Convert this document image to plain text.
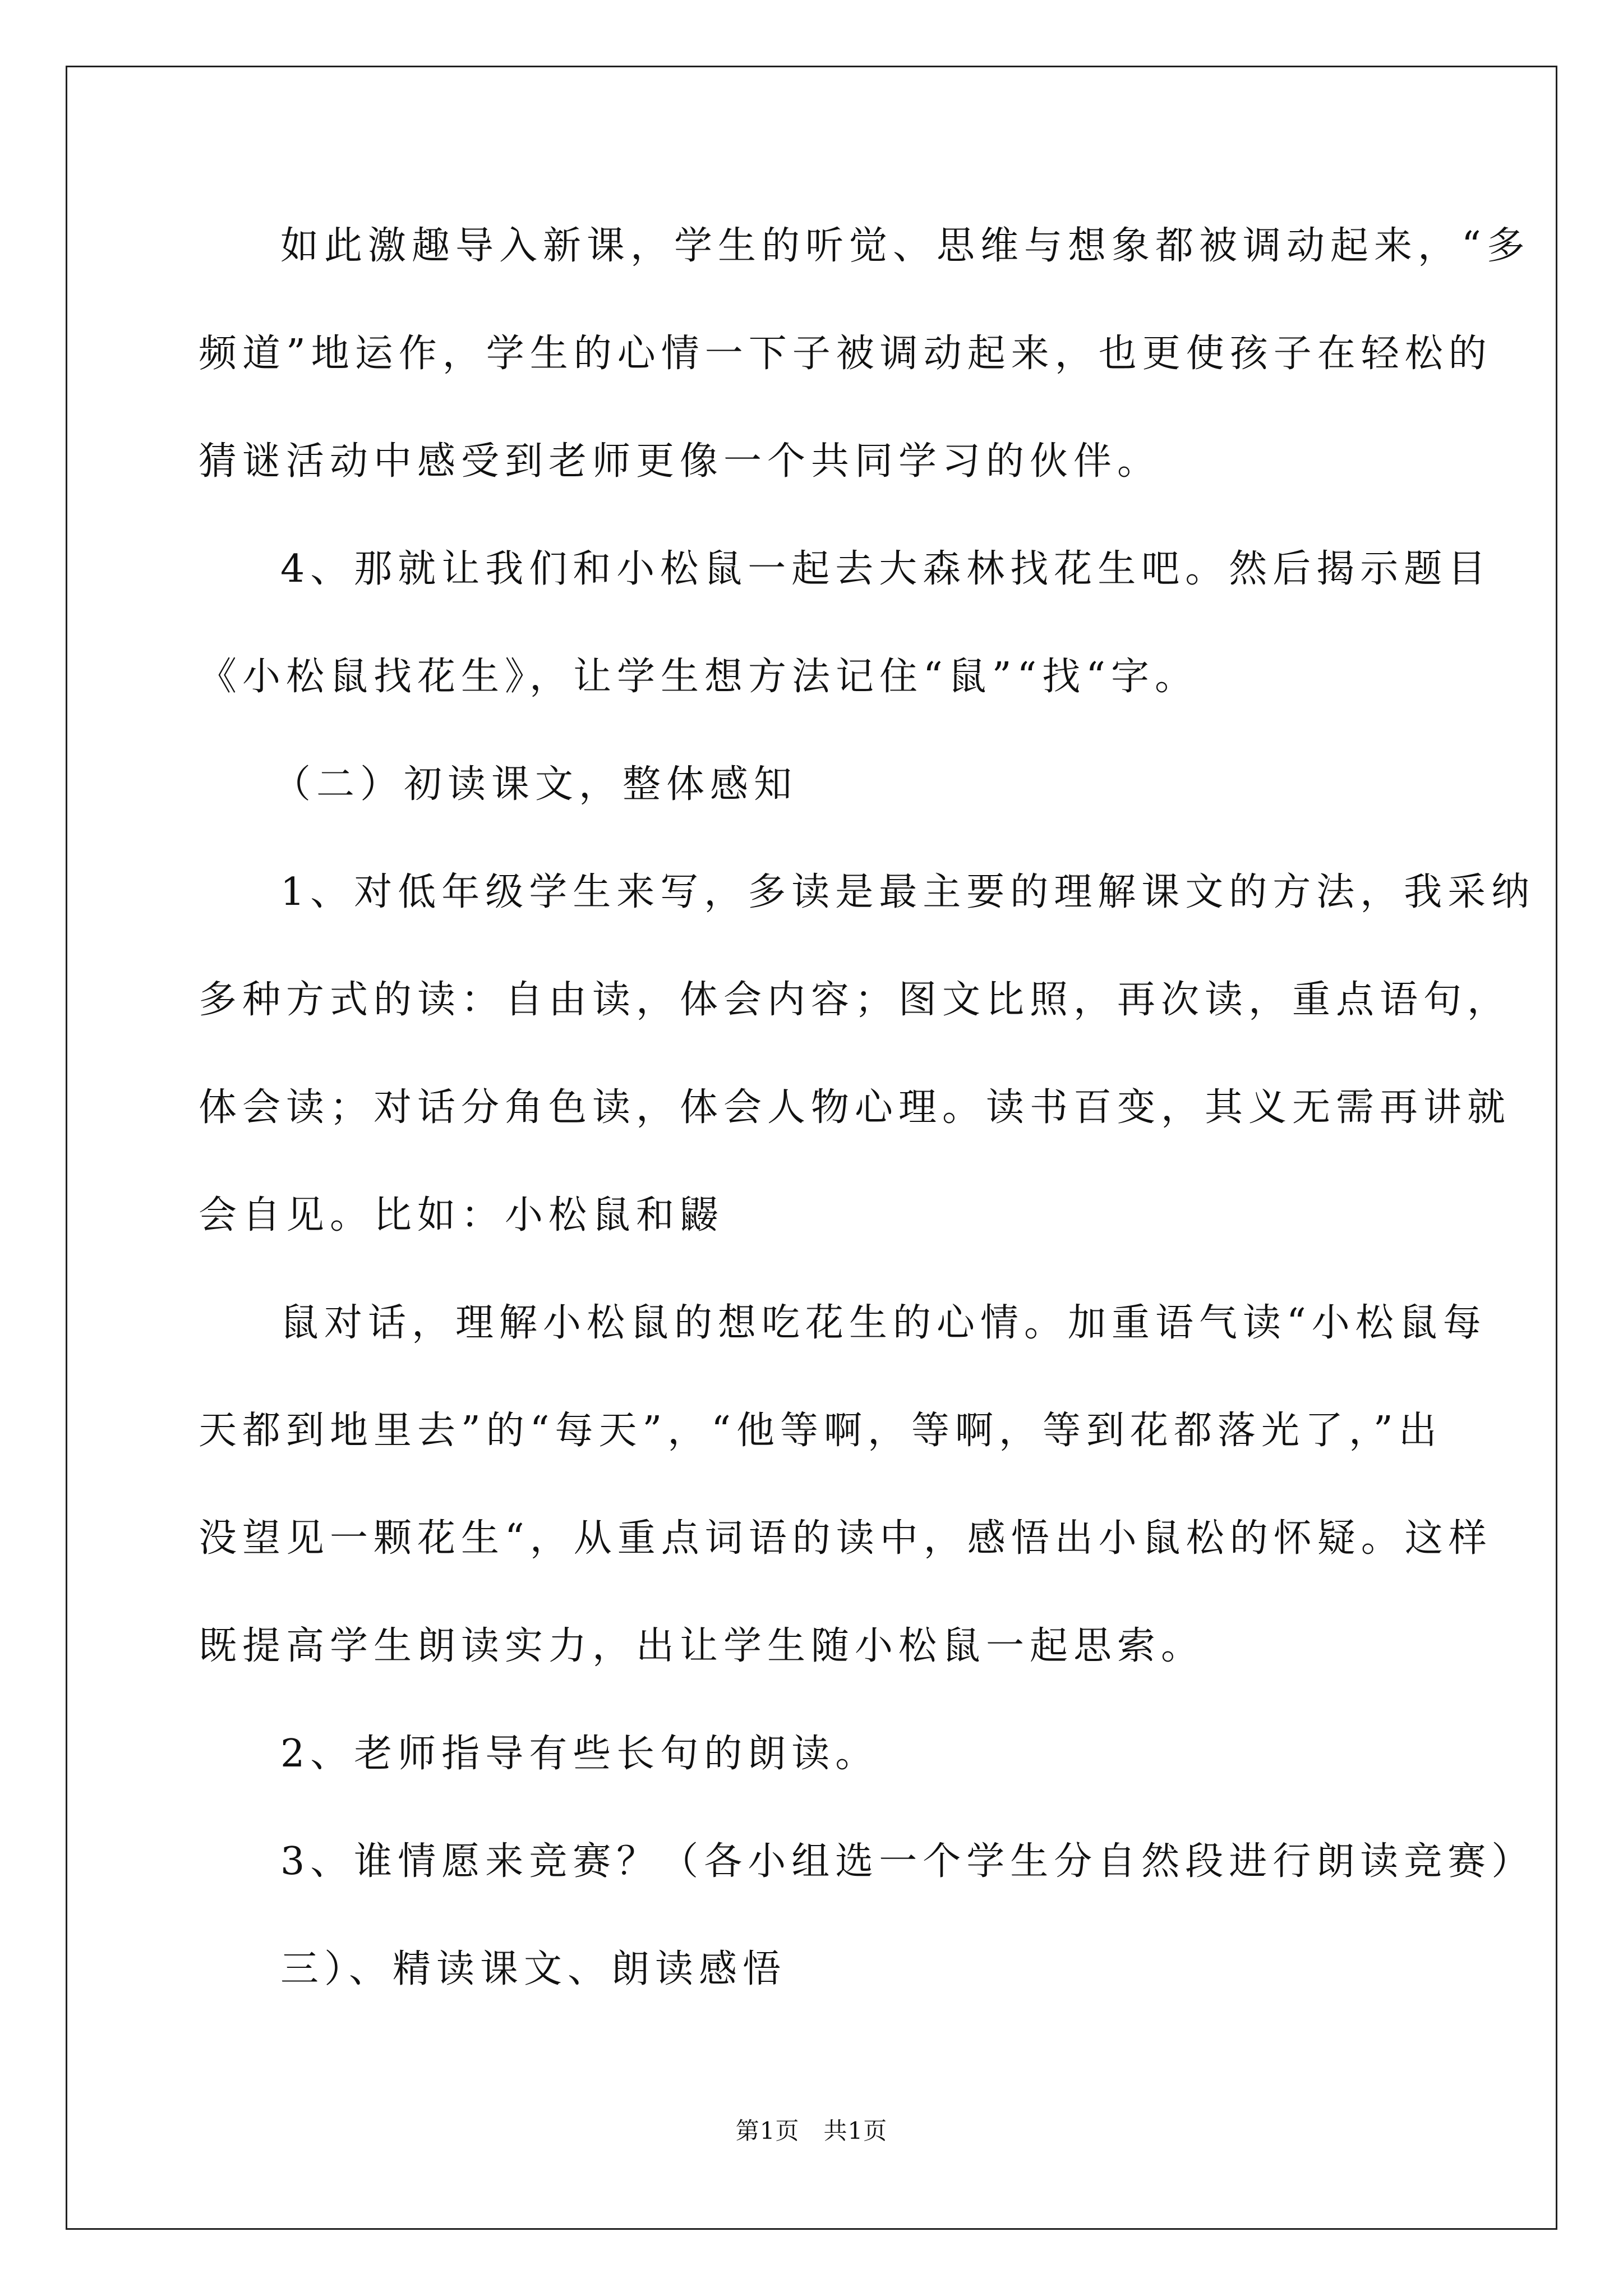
如此激趣导入新课，学生的听觉、思维与想象都被调动起来，“多
频道”地运作，学生的心情一下子被调动起来，也更使孩子在轻松的
猜谜活动中感受到老师更像一个共同学习的伙伴。
4、那就让我们和小松鼠一起去大森林找花生吧。然后揭示题目
《小松鼠找花生》，让学生想方法记住“鼠”“找“字。
（二）初读课文，整体感知
1、对低年级学生来写，多读是最主要的理解课文的方法，我采纳
多种方式的读：自由读，体会内容；图文比照，再次读，重点语句，
体会读；对话分角色读，体会人物心理。读书百变，其义无需再讲就
会自见。比如：小松鼠和鼹
鼠对话，理解小松鼠的想吃花生的心情。加重语气读“小松鼠每
天都到地里去”的“每天”，“他等啊，等啊，等到花都落光了，”出
没望见一颗花生“，从重点词语的读中，感悟出小鼠松的怀疑。这样
既提高学生朗读实力，出让学生随小松鼠一起思索。
2、老师指导有些长句的朗读。
3、谁情愿来竞赛？（各小组选一个学生分自然段进行朗读竞赛）
三）、精读课文、朗读感悟
第1页　共1页
